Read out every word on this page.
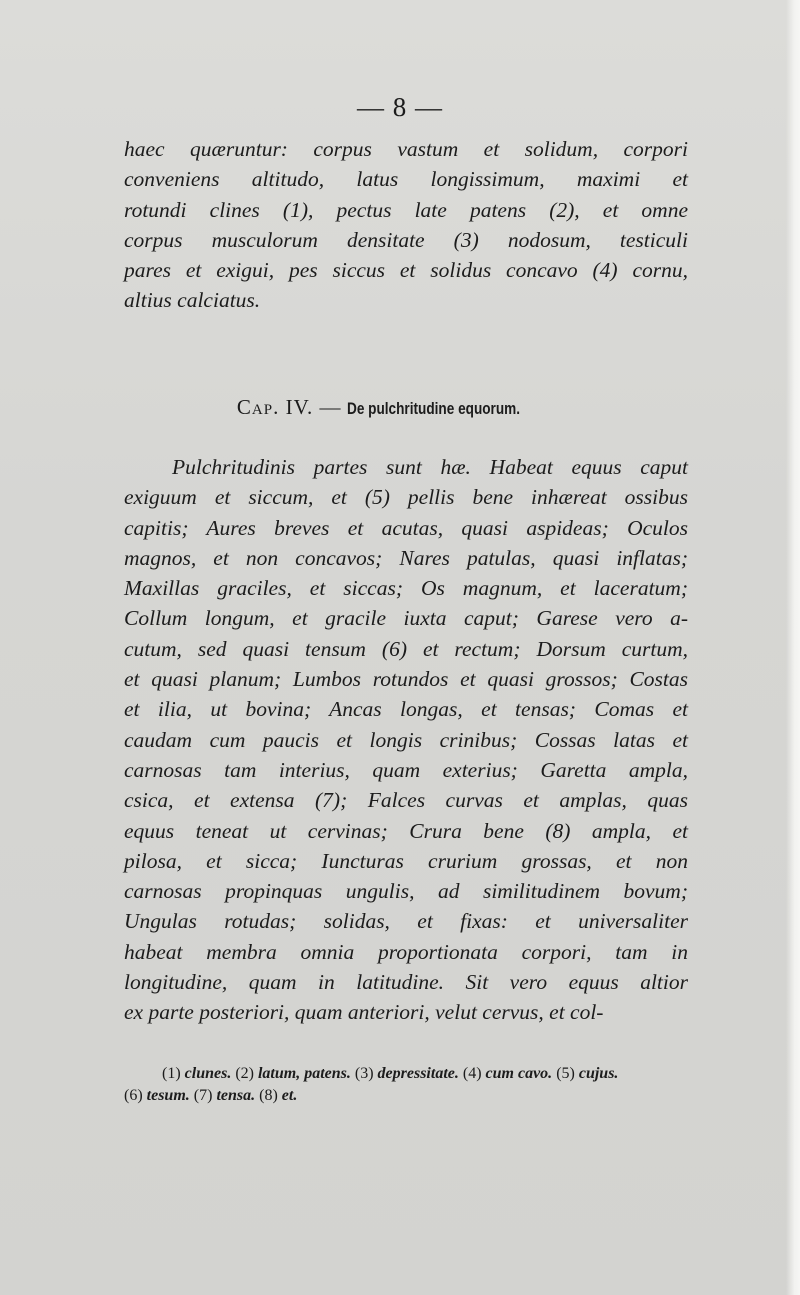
— 8 —
haec quæruntur: corpus vastum et solidum, corpori
conveniens altitudo, latus longissimum, maximi et
rotundi clines (1), pectus late patens (2), et omne
corpus musculorum densitate (3) nodosum, testiculi
pares et exigui, pes siccus et solidus concavo (4) cornu,
altius calciatus.
Cap. IV. — De pulchritudine equorum.
Pulchritudinis partes sunt hæ. Habeat equus caput
exiguum et siccum, et (5) pellis bene inhæreat ossibus
capitis; Aures breves et acutas, quasi aspideas; Oculos
magnos, et non concavos; Nares patulas, quasi inflatas;
Maxillas graciles, et siccas; Os magnum, et laceratum;
Collum longum, et gracile iuxta caput; Garese vero a-
cutum, sed quasi tensum (6) et rectum; Dorsum curtum,
et quasi planum; Lumbos rotundos et quasi grossos; Costas
et ilia, ut bovina; Ancas longas, et tensas; Comas et
caudam cum paucis et longis crinibus; Cossas latas et
carnosas tam interius, quam exterius; Garetta ampla,
csica, et extensa (7); Falces curvas et amplas, quas
equus teneat ut cervinas; Crura bene (8) ampla, et
pilosa, et sicca; Iuncturas crurium grossas, et non
carnosas propinquas ungulis, ad similitudinem bovum;
Ungulas rotudas; solidas, et fixas: et universaliter
habeat membra omnia proportionata corpori, tam in
longitudine, quam in latitudine. Sit vero equus altior
ex parte posteriori, quam anteriori, velut cervus, et col-
(1) clunes. (2) latum, patens. (3) depressitate. (4) cum cavo. (5) cujus.
(6) tesum. (7) tensa. (8) et.
